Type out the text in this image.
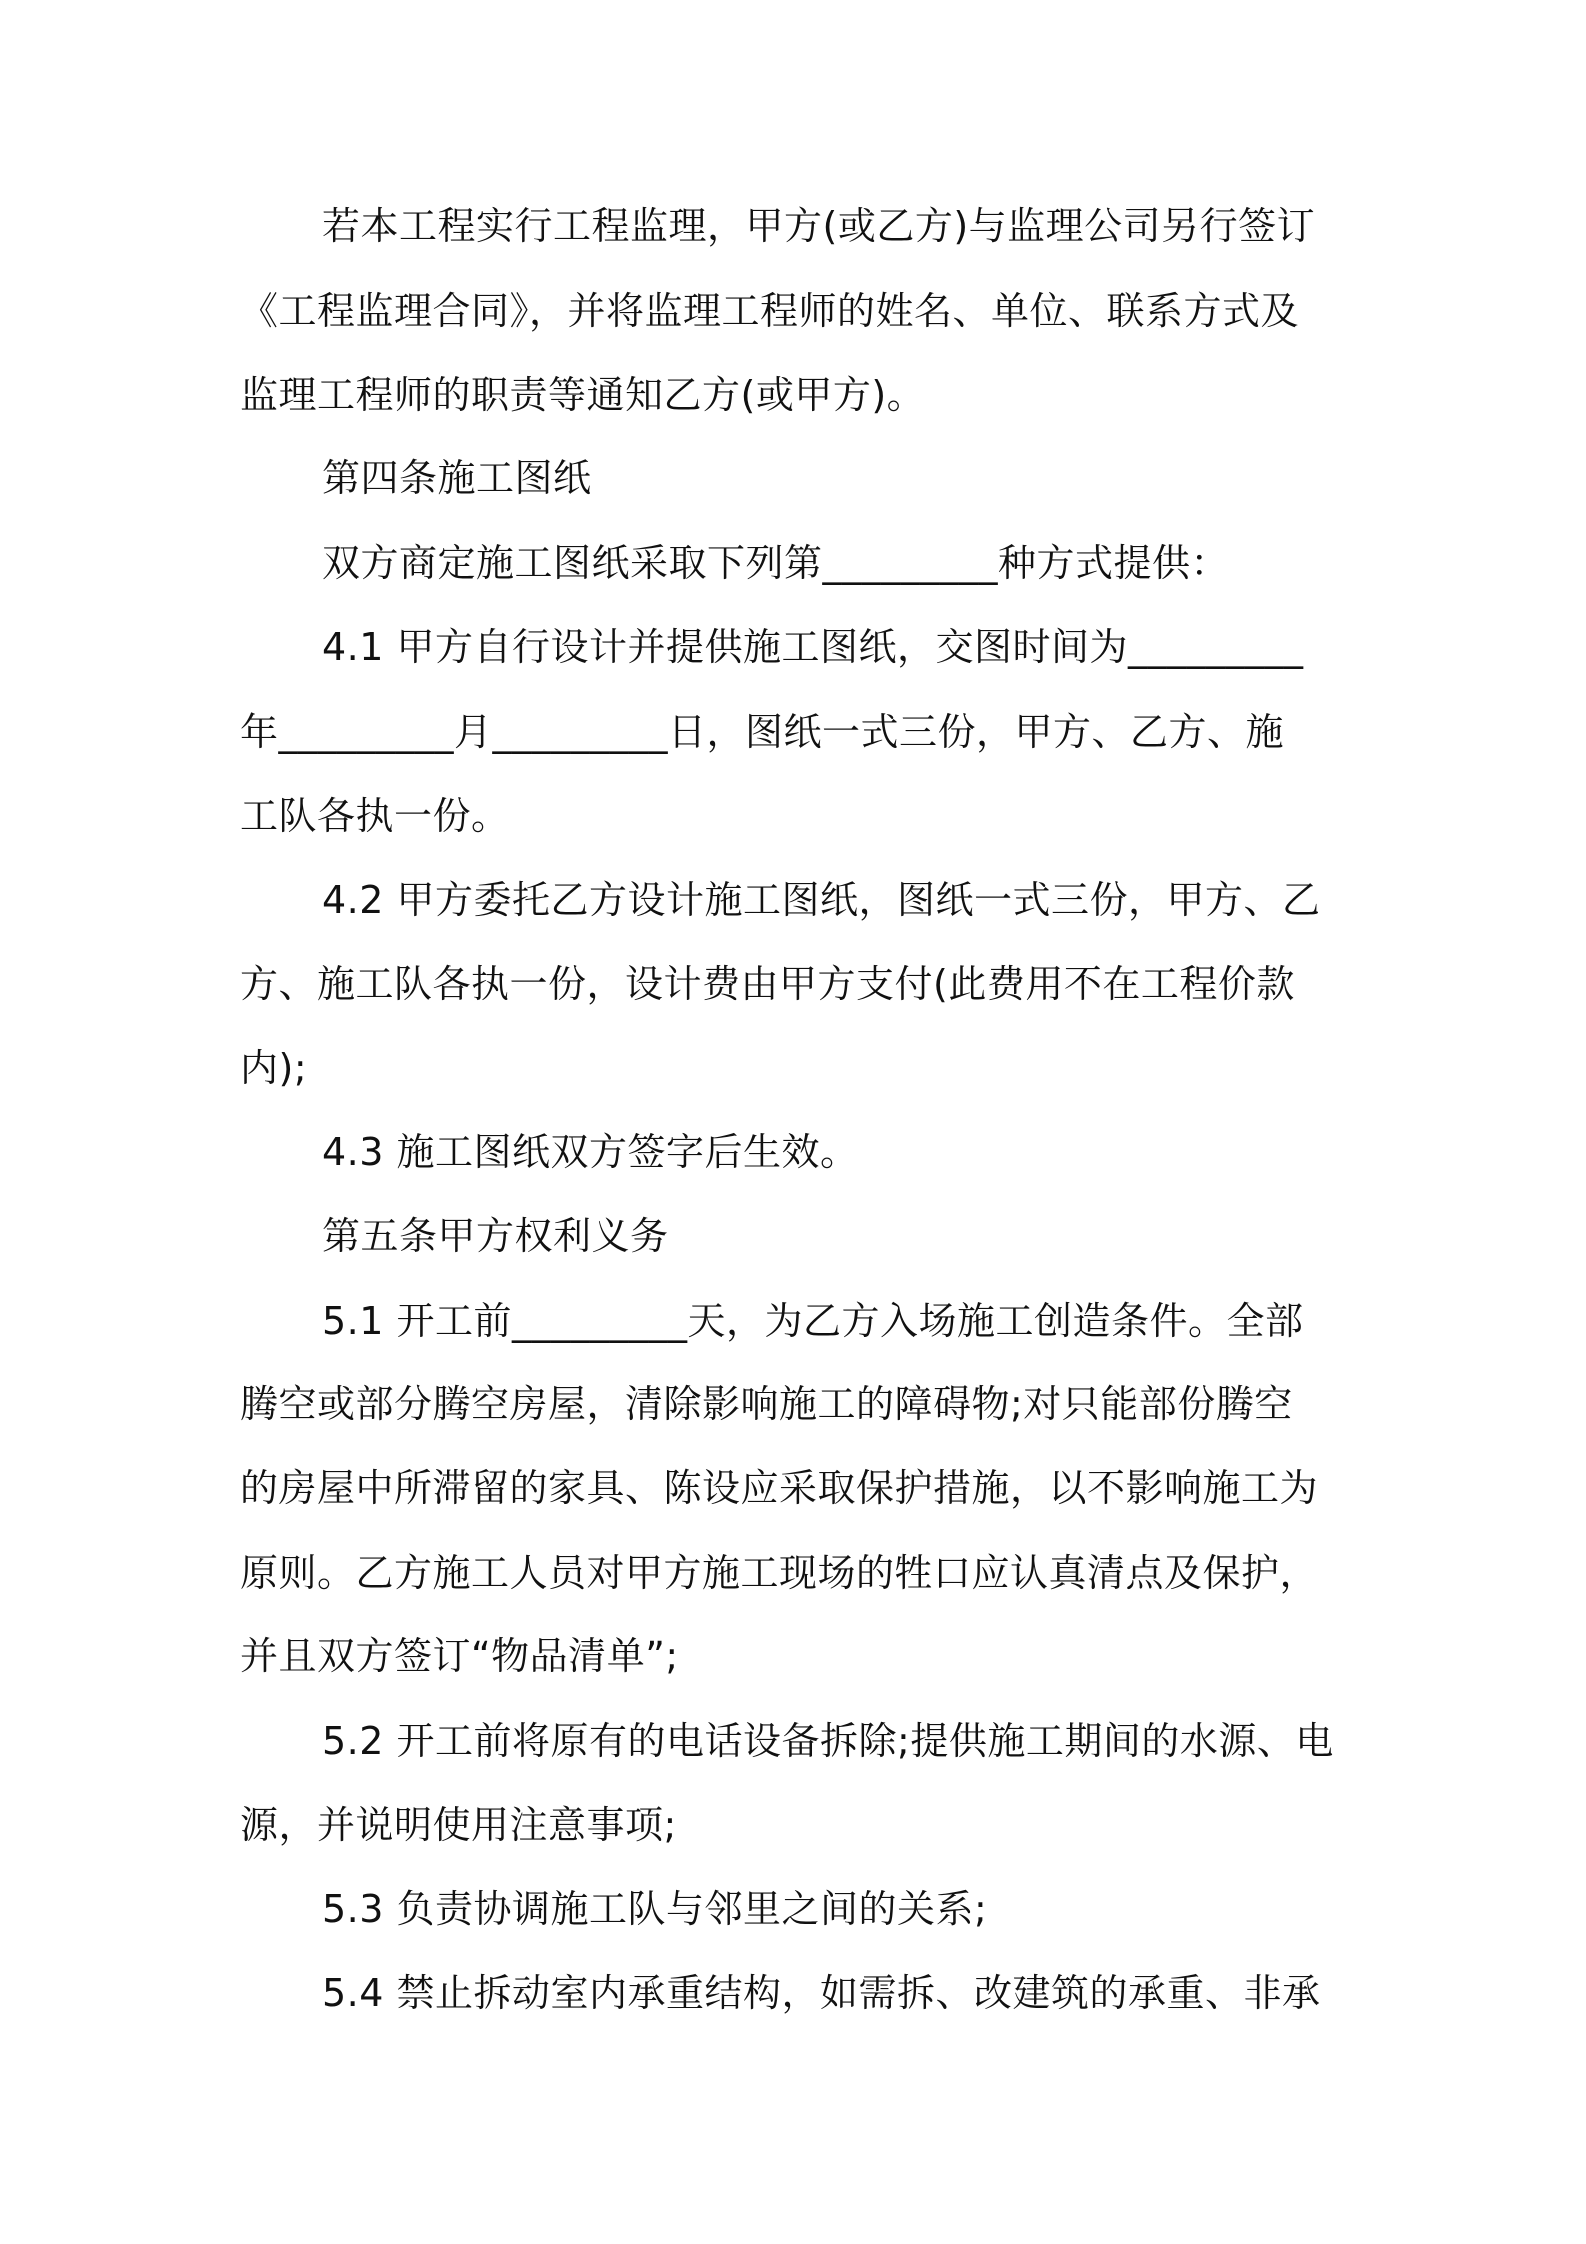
若本工程实行工程监理，甲方(或乙方)与监理公司另行签订
《工程监理合同》，并将监理工程师的姓名、单位、联系方式及
监理工程师的职责等通知乙方(或甲方)。
第四条施工图纸
双方商定施工图纸采取下列第_________种方式提供：
4.1 甲方自行设计并提供施工图纸，交图时间为_________
年_________月_________日，图纸一式三份，甲方、乙方、施
工队各执一份。
4.2 甲方委托乙方设计施工图纸，图纸一式三份，甲方、乙
方、施工队各执一份，设计费由甲方支付(此费用不在工程价款
内);
4.3 施工图纸双方签字后生效。
第五条甲方权利义务
5.1 开工前_________天，为乙方入场施工创造条件。全部
腾空或部分腾空房屋，清除影响施工的障碍物;对只能部份腾空
的房屋中所滞留的家具、陈设应采取保护措施，以不影响施工为
原则。乙方施工人员对甲方施工现场的牲口应认真清点及保护，
并且双方签订“物品清单”;
5.2 开工前将原有的电话设备拆除;提供施工期间的水源、电
源，并说明使用注意事项;
5.3 负责协调施工队与邻里之间的关系;
5.4 禁止拆动室内承重结构，如需拆、改建筑的承重、非承
